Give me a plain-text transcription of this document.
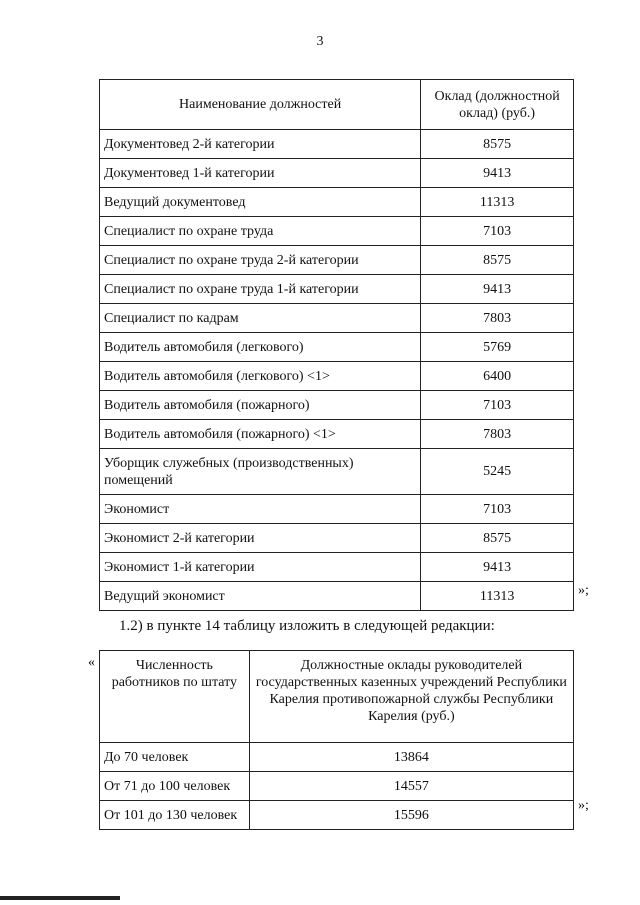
3
Наименование должностей	Оклад (должностной оклад) (руб.)
Документовед 2-й категории	8575
Документовед 1-й категории	9413
Ведущий документовед	11313
Специалист по охране труда	7103
Специалист по охране труда 2-й категории	8575
Специалист по охране труда 1-й категории	9413
Специалист по кадрам	7803
Водитель автомобиля (легкового)	5769
Водитель автомобиля (легкового) <1>	6400
Водитель автомобиля (пожарного)	7103
Водитель автомобиля (пожарного) <1>	7803
Уборщик служебных (производственных) помещений	5245
Экономист	7103
Экономист 2-й категории	8575
Экономист 1-й категории	9413
Ведущий экономист	11313	»;
1.2) в пункте 14 таблицу изложить в следующей редакции:
«	Численность работников по штату	Должностные оклады руководителей государственных казенных учреждений Республики Карелия противопожарной службы Республики Карелия (руб.)
До 70 человек	13864
От 71 до 100 человек	14557
От 101 до 130 человек	15596
»;
